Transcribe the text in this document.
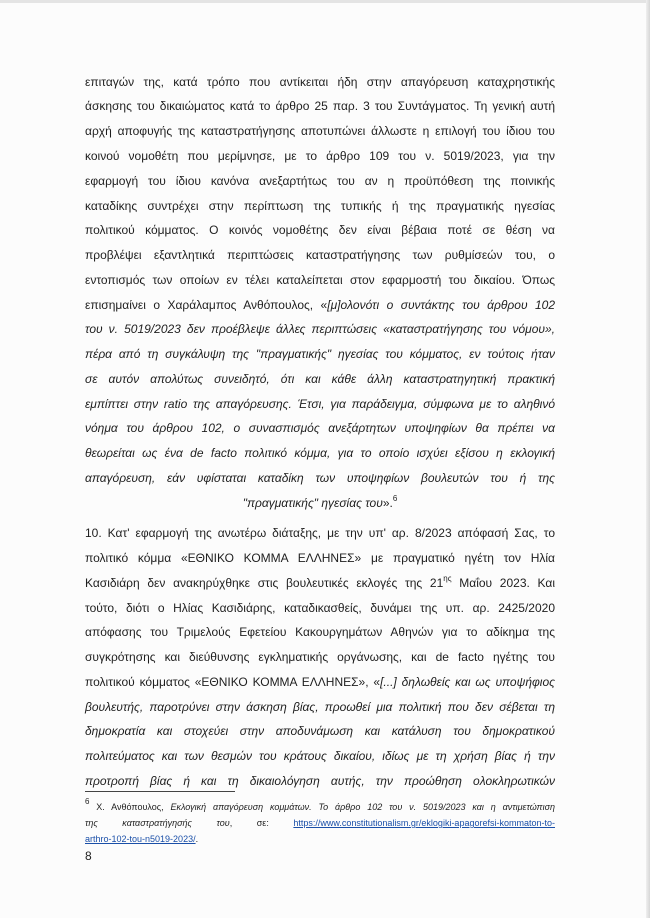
επιταγών της, κατά τρόπο που αντίκειται ήδη στην απαγόρευση καταχρηστικής
άσκησης του δικαιώματος κατά το άρθρο 25 παρ. 3 του Συντάγματος. Τη γενική αυτή
αρχή αποφυγής της καταστρατήγησης αποτυπώνει άλλωστε η επιλογή του ίδιου του
κοινού νομοθέτη που μερίμνησε, με το άρθρο 109 του ν. 5019/2023, για την
εφαρμογή του ίδιου κανόνα ανεξαρτήτως του αν η προϋπόθεση της ποινικής
καταδίκης συντρέχει στην περίπτωση της τυπικής ή της πραγματικής ηγεσίας
πολιτικού κόμματος. Ο κοινός νομοθέτης δεν είναι βέβαια ποτέ σε θέση να
προβλέψει εξαντλητικά περιπτώσεις καταστρατήγησης των ρυθμίσεών του, ο
εντοπισμός των οποίων εν τέλει καταλείπεται στον εφαρμοστή του δικαίου. Όπως
επισημαίνει ο Χαράλαμπος Ανθόπουλος, «[μ]ολονότι ο συντάκτης του άρθρου 102
του ν. 5019/2023 δεν προέβλεψε άλλες περιπτώσεις «καταστρατήγησης του νόμου»,
πέρα από τη συγκάλυψη της "πραγματικής" ηγεσίας του κόμματος, εν τούτοις ήταν
σε αυτόν απολύτως συνειδητό, ότι και κάθε άλλη καταστρατηγητική πρακτική
εμπίπτει στην ratio της απαγόρευσης. Έτσι, για παράδειγμα, σύμφωνα με το αληθινό
νόημα του άρθρου 102, ο συνασπισμός ανεξάρτητων υποψηφίων θα πρέπει να
θεωρείται ως ένα de facto πολιτικό κόμμα, για το οποίο ισχύει εξίσου η εκλογική
απαγόρευση, εάν υφίσταται καταδίκη των υποψηφίων βουλευτών του ή της
"πραγματικής" ηγεσίας του».$^6$
10. Κατ' εφαρμογή της ανωτέρω διάταξης, με την υπ' αρ. 8/2023 απόφασή Σας, το
πολιτικό κόμμα «ΕΘΝΙΚΟ ΚΟΜΜΑ ΕΛΛΗΝΕΣ» με πραγματικό ηγέτη τον Ηλία
Κασιδιάρη δεν ανακηρύχθηκε στις βουλευτικές εκλογές της $21^{\eta\varsigma}$ Μαΐου 2023. Και
τούτο, διότι ο Ηλίας Κασιδιάρης, καταδικασθείς, δυνάμει της υπ. αρ. 2425/2020
απόφασης του Τριμελούς Εφετείου Κακουργημάτων Αθηνών για το αδίκημα της
συγκρότησης και διεύθυνσης εγκληματικής οργάνωσης, και de facto ηγέτης του
πολιτικού κόμματος «ΕΘΝΙΚΟ ΚΟΜΜΑ ΕΛΛΗΝΕΣ», «[...] δηλωθείς και ως υποψήφιος
βουλευτής, παροτρύνει στην άσκηση βίας, προωθεί μια πολιτική που δεν σέβεται τη
δημοκρατία και στοχεύει στην αποδυνάμωση και κατάλυση του δημοκρατικού
πολιτεύματος και των θεσμών του κράτους δικαίου, ιδίως με τη χρήση βίας ή την
προτροπή βίας ή και τη δικαιολόγηση αυτής, την προώθηση ολοκληρωτικών
$^6$ Χ. Ανθόπουλος, Εκλογική απαγόρευση κομμάτων. Το άρθρο 102 του ν. 5019/2023 και η αντιμετώπιση
της καταστρατήγησής του, σε: https://www.constitutionalism.gr/eklogiki-apagorefsi-kommaton-to-
arthro-102-tou-n5019-2023/.
8
